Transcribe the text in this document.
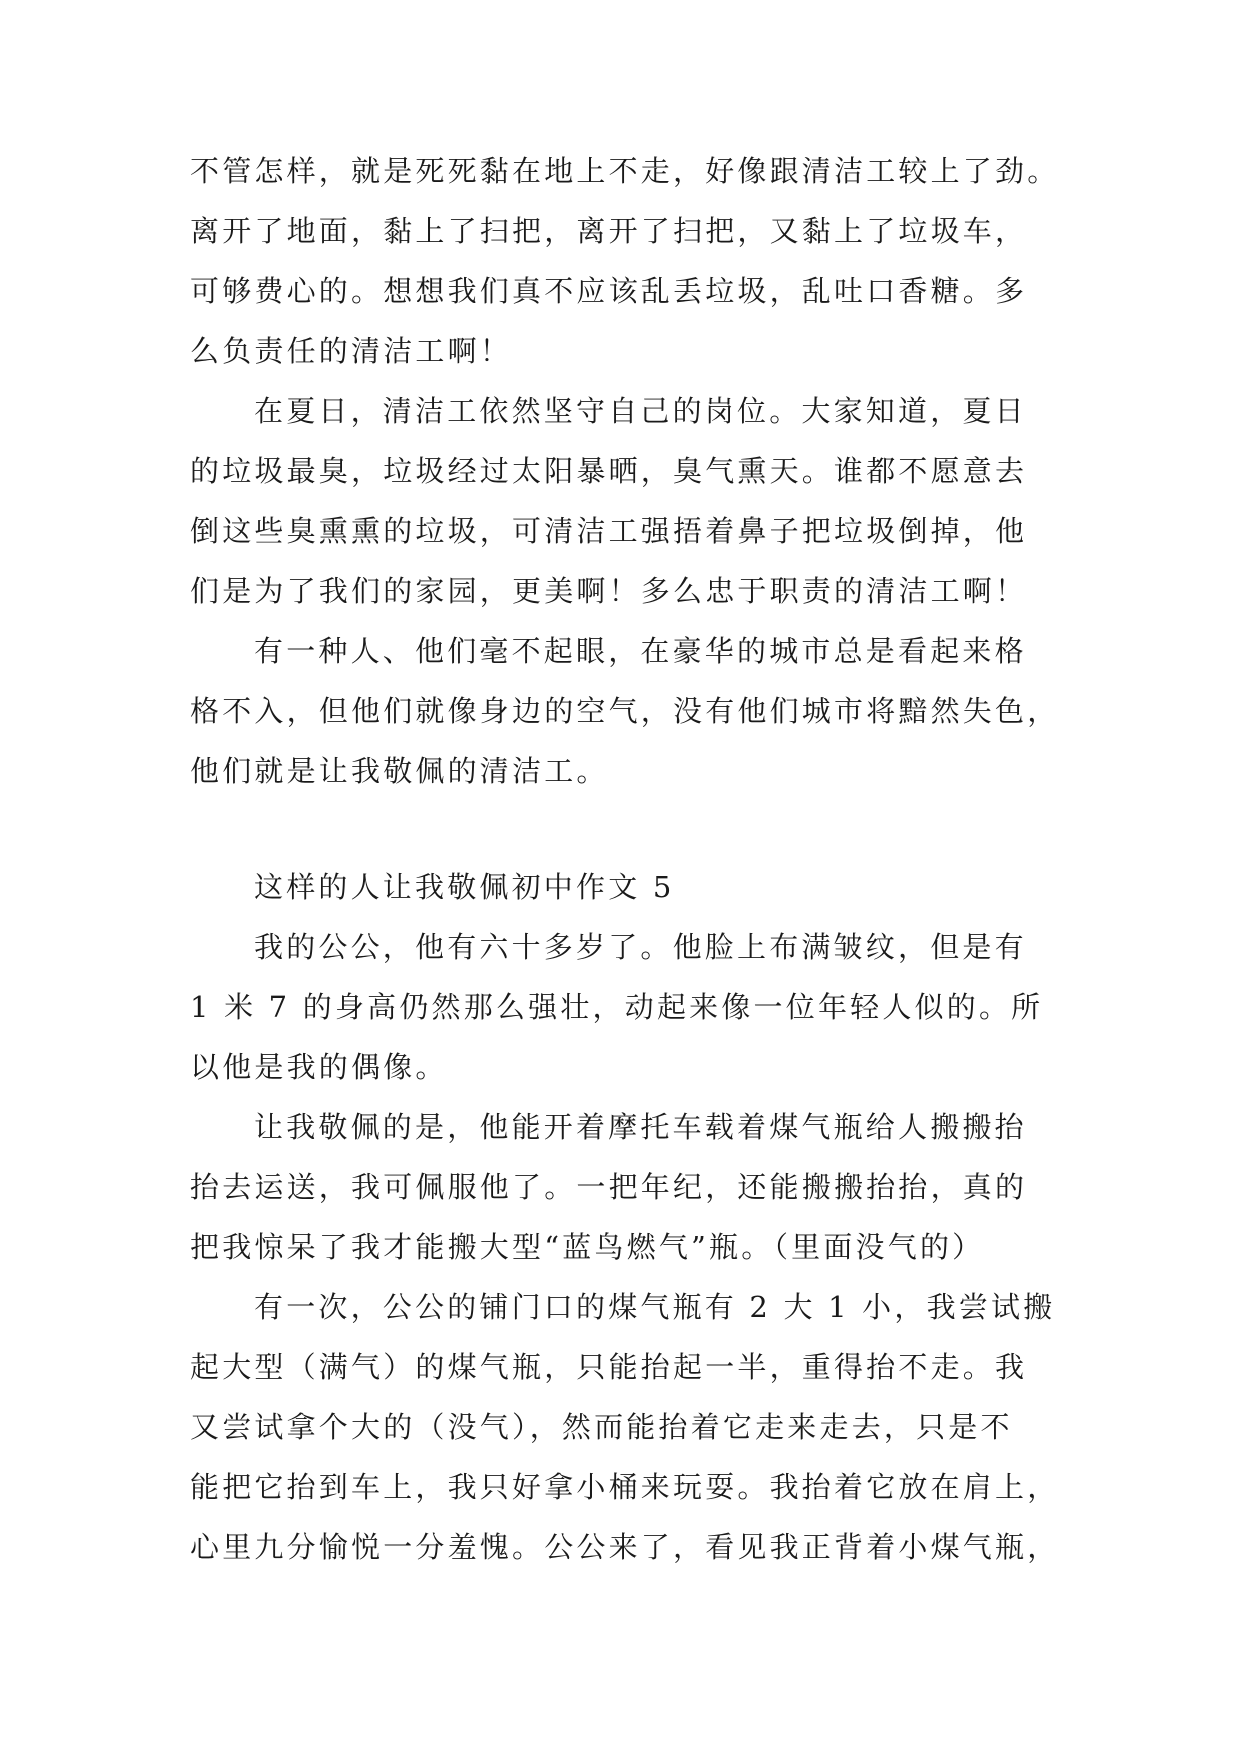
不管怎样，就是死死黏在地上不走，好像跟清洁工较上了劲。
离开了地面，黏上了扫把，离开了扫把，又黏上了垃圾车，
可够费心的。想想我们真不应该乱丢垃圾，乱吐口香糖。多
么负责任的清洁工啊！
在夏日，清洁工依然坚守自己的岗位。大家知道，夏日
的垃圾最臭，垃圾经过太阳暴晒，臭气熏天。谁都不愿意去
倒这些臭熏熏的垃圾，可清洁工强捂着鼻子把垃圾倒掉，他
们是为了我们的家园，更美啊！多么忠于职责的清洁工啊！
有一种人、他们毫不起眼，在豪华的城市总是看起来格
格不入，但他们就像身边的空气，没有他们城市将黯然失色，
他们就是让我敬佩的清洁工。
这样的人让我敬佩初中作文 5
我的公公，他有六十多岁了。他脸上布满皱纹，但是有
1 米 7 的身高仍然那么强壮，动起来像一位年轻人似的。所
以他是我的偶像。
让我敬佩的是，他能开着摩托车载着煤气瓶给人搬搬抬
抬去运送，我可佩服他了。一把年纪，还能搬搬抬抬，真的
把我惊呆了我才能搬大型“蓝鸟燃气”瓶。（里面没气的）
有一次，公公的铺门口的煤气瓶有 2 大 1 小，我尝试搬
起大型（满气）的煤气瓶，只能抬起一半，重得抬不走。我
又尝试拿个大的（没气），然而能抬着它走来走去，只是不
能把它抬到车上，我只好拿小桶来玩耍。我抬着它放在肩上，
心里九分愉悦一分羞愧。公公来了，看见我正背着小煤气瓶，
